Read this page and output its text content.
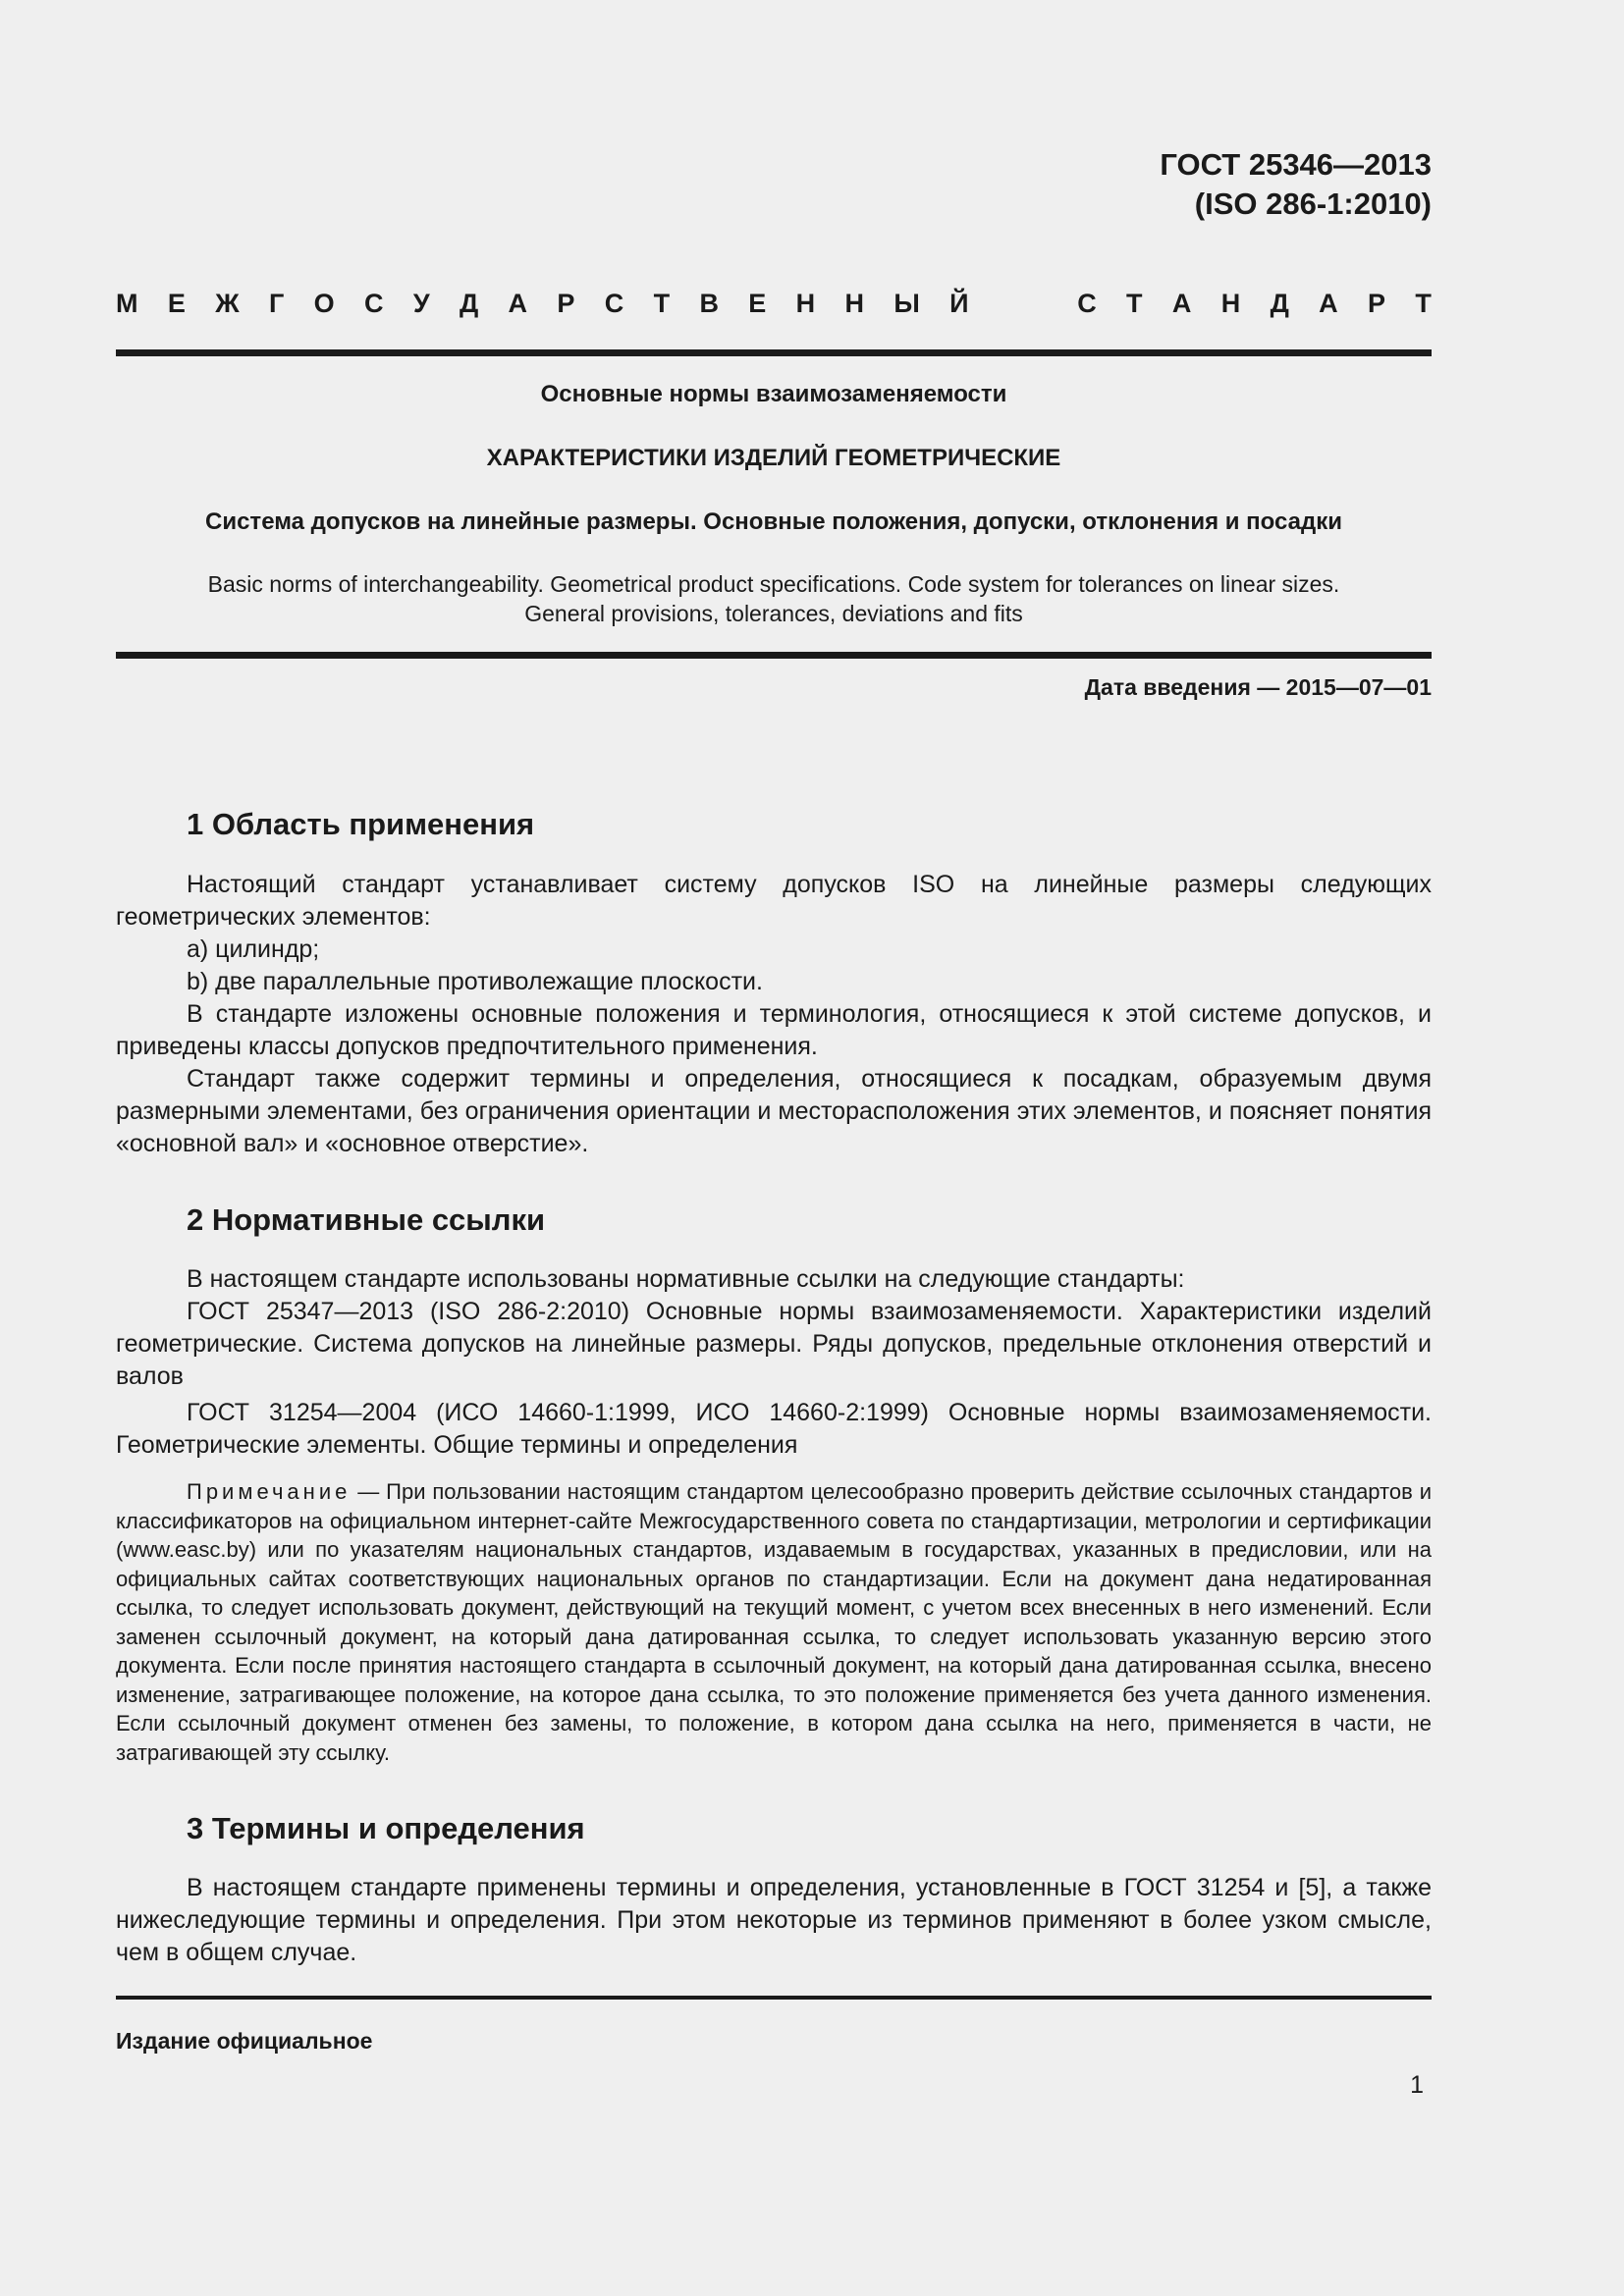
ГОСТ 25346—2013
(ISO 286-1:2010)
М Е Ж Г О С У Д А Р С Т В Е Н Н Ы Й	С Т А Н Д А Р Т
Основные нормы взаимозаменяемости
ХАРАКТЕРИСТИКИ ИЗДЕЛИЙ ГЕОМЕТРИЧЕСКИЕ
Система допусков на линейные размеры. Основные положения, допуски, отклонения и посадки
Basic norms of interchangeability. Geometrical product specifications. Code system for tolerances on linear sizes.
General provisions, tolerances, deviations and fits
Дата введения — 2015—07—01
1 Область применения

Настоящий стандарт устанавливает систему допусков ISO на линейные размеры следующих геометрических элементов:

a) цилиндр;

b) две параллельные противолежащие плоскости.

В стандарте изложены основные положения и терминология, относящиеся к этой системе допусков, и приведены классы допусков предпочтительного применения.

Стандарт также содержит термины и определения, относящиеся к посадкам, образуемым двумя размерными элементами, без ограничения ориентации и месторасположения этих элементов, и поясняет понятия «основной вал» и «основное отверстие».

2 Нормативные ссылки

В настоящем стандарте использованы нормативные ссылки на следующие стандарты:

ГОСТ 25347—2013 (ISO 286-2:2010) Основные нормы взаимозаменяемости. Характеристики изделий геометрические. Система допусков на линейные размеры. Ряды допусков, предельные отклонения отверстий и валов

ГОСТ 31254—2004 (ИСО 14660-1:1999, ИСО 14660-2:1999) Основные нормы взаимозаменяемости. Геометрические элементы. Общие термины и определения

Примечание — При пользовании настоящим стандартом целесообразно проверить действие ссылочных стандартов и классификаторов на официальном интернет-сайте Межгосударственного совета по стандартизации, метрологии и сертификации (www.easc.by) или по указателям национальных стандартов, издаваемым в государствах, указанных в предисловии, или на официальных сайтах соответствующих национальных органов по стандартизации. Если на документ дана недатированная ссылка, то следует использовать документ, действующий на текущий момент, с учетом всех внесенных в него изменений. Если заменен ссылочный документ, на который дана датированная ссылка, то следует использовать указанную версию этого документа. Если после принятия настоящего стандарта в ссылочный документ, на который дана датированная ссылка, внесено изменение, затрагивающее положение, на которое дана ссылка, то это положение применяется без учета данного изменения. Если ссылочный документ отменен без замены, то положение, в котором дана ссылка на него, применяется в части, не затрагивающей эту ссылку.

3 Термины и определения

В настоящем стандарте применены термины и определения, установленные в ГОСТ 31254 и [5], а также нижеследующие термины и определения. При этом некоторые из терминов применяют в более узком смысле, чем в общем случае.

Издание официальное
1
